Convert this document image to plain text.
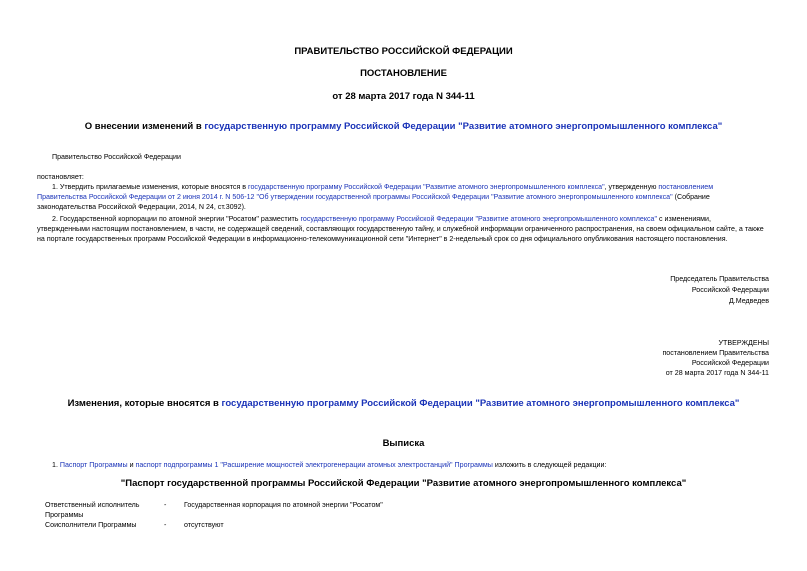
ПРАВИТЕЛЬСТВО РОССИЙСКОЙ ФЕДЕРАЦИИ
ПОСТАНОВЛЕНИЕ
от 28 марта 2017 года N 344-11
О внесении изменений в государственную программу Российской Федерации "Развитие атомного энергопромышленного комплекса"
Правительство Российской Федерации
постановляет:
1. Утвердить прилагаемые изменения, которые вносятся в государственную программу Российской Федерации "Развитие атомного энергопромышленного комплекса", утвержденную постановлением
Правительства Российской Федерации от 2 июня 2014 г. N 506-12 "Об утверждении государственной программы Российской Федерации "Развитие атомного энергопромышленного комплекса" (Собрание
законодательства Российской Федерации, 2014, N 24, ст.3092).
2. Государственной корпорации по атомной энергии "Росатом" разместить государственную программу Российской Федерации "Развитие атомного энергопромышленного комплекса" с изменениями,
утвержденными настоящим постановлением, в части, не содержащей сведений, составляющих государственную тайну, и служебной информации ограниченного распространения, на своем официальном сайте, а также
на портале государственных программ Российской Федерации в информационно-телекоммуникационной сети "Интернет" в 2-недельный срок со дня официального опубликования настоящего постановления.
Председатель Правительства
Российской Федерации
Д.Медведев
УТВЕРЖДЕНЫ
постановлением Правительства
Российской Федерации
от 28 марта 2017 года N 344-11
Изменения, которые вносятся в государственную программу Российской Федерации "Развитие атомного энергопромышленного комплекса"
Выписка
1. Паспорт Программы и паспорт подпрограммы 1 "Расширение мощностей электрогенерации атомных электростанций" Программы изложить в следующей редакции:
"Паспорт государственной программы Российской Федерации "Развитие атомного энергопромышленного комплекса"
Ответственный исполнитель
Программы
- Государственная корпорация по атомной энергии "Росатом"
Соисполнители Программы	- отсутствуют
